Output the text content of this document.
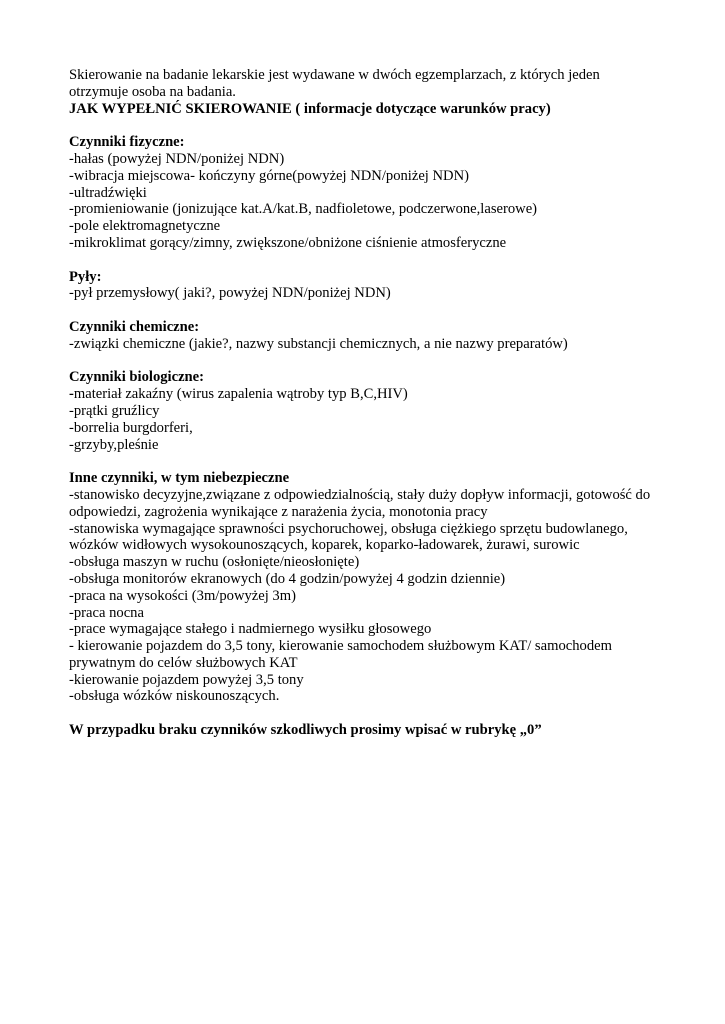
Skierowanie na badanie lekarskie jest wydawane w dwóch egzemplarzach, z których jeden

otrzymuje osoba na badania.

JAK WYPEŁNIĆ SKIEROWANIE ( informacje dotyczące warunków pracy)

Czynniki fizyczne:

-hałas (powyżej NDN/poniżej NDN)

-wibracja miejscowa- kończyny górne(powyżej NDN/poniżej NDN)

-ultradźwięki

-promieniowanie (jonizujące kat.A/kat.B, nadfioletowe, podczerwone,laserowe)

-pole elektromagnetyczne

-mikroklimat gorący/zimny, zwiększone/obniżone ciśnienie atmosferyczne

Pyły:

-pył przemysłowy( jaki?, powyżej NDN/poniżej NDN)

Czynniki chemiczne:

-związki chemiczne (jakie?, nazwy substancji chemicznych, a nie nazwy preparatów)

Czynniki biologiczne:

-materiał zakaźny (wirus zapalenia wątroby typ B,C,HIV)

-prątki gruźlicy

-borrelia burgdorferi,

-grzyby,pleśnie

Inne czynniki, w tym niebezpieczne

-stanowisko decyzyjne,związane z odpowiedzialnością, stały duży dopływ informacji, gotowość do

odpowiedzi, zagrożenia wynikające z narażenia życia, monotonia pracy

-stanowiska wymagające sprawności psychoruchowej, obsługa ciężkiego sprzętu budowlanego,

wózków widłowych wysokounoszących, koparek, koparko-ładowarek, żurawi, surowic

-obsługa maszyn w ruchu (osłonięte/nieosłonięte)

-obsługa monitorów ekranowych (do 4 godzin/powyżej 4 godzin dziennie)

-praca na wysokości (3m/powyżej 3m)

-praca nocna

-prace wymagające stałego i nadmiernego wysiłku głosowego

- kierowanie pojazdem do 3,5 tony, kierowanie samochodem służbowym KAT/ samochodem

prywatnym do celów służbowych KAT

-kierowanie pojazdem powyżej 3,5 tony

-obsługa wózków niskounoszących.

W przypadku braku czynników szkodliwych prosimy wpisać w rubrykę „0”
